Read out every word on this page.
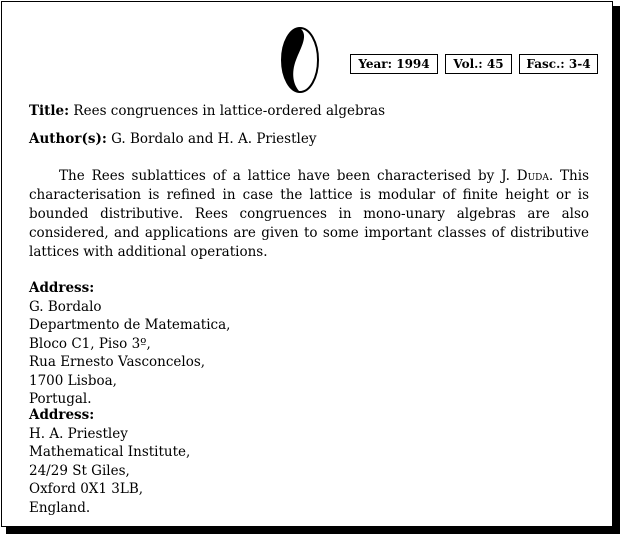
Year: 1994	Vol.: 45	Fasc.: 3-4
Title: Rees congruences in lattice-ordered algebras
Author(s): G. Bordalo and H. A. Priestley

The Rees sublattices of a lattice have been characterised by J. Duda. This characterisation is refined in case the lattice is modular of finite height or is bounded distributive. Rees congruences in mono-unary algebras are also considered, and applications are given to some important classes of distributive lattices with additional operations.

Address:
G. Bordalo
Departmento de Matematica,
Bloco C1, Piso 3º,
Rua Ernesto Vasconcelos,
1700 Lisboa,
Portugal.
Address:
H. A. Priestley
Mathematical Institute,
24/29 St Giles,
Oxford 0X1 3LB,
England.
